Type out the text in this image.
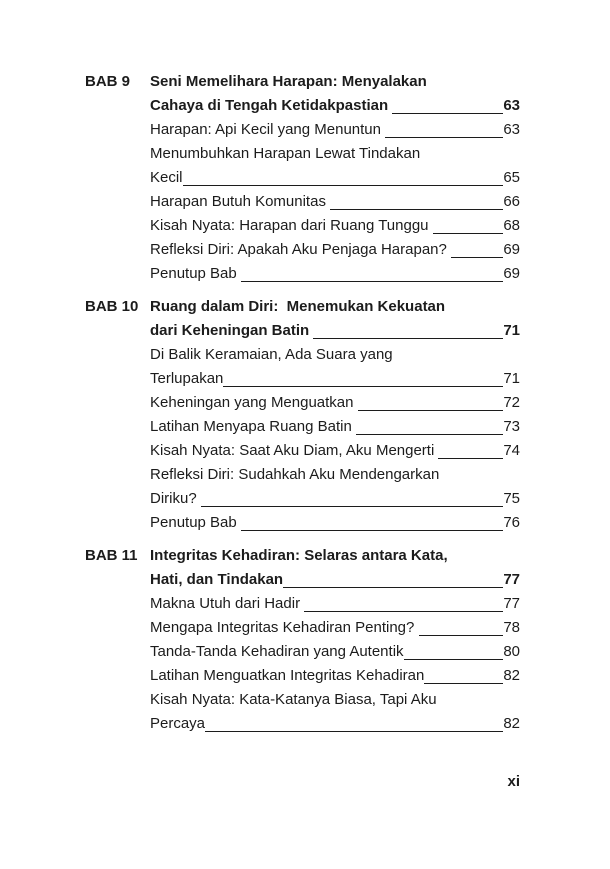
BAB 9	Seni Memelihara Harapan: Menyalakan
Cahaya di Tengah Ketidakpastian	63
Harapan: Api Kecil yang Menuntun	63
Menumbuhkan Harapan Lewat Tindakan
Kecil	65
Harapan Butuh Komunitas	66
Kisah Nyata: Harapan dari Ruang Tunggu	68
Refleksi Diri: Apakah Aku Penjaga Harapan?	69
Penutup Bab	69
BAB 10 Ruang dalam Diri:  Menemukan Kekuatan
dari Keheningan Batin	71
Di Balik Keramaian, Ada Suara yang
Terlupakan	71
Keheningan yang Menguatkan	72
Latihan Menyapa Ruang Batin	73
Kisah Nyata: Saat Aku Diam, Aku Mengerti	74
Refleksi Diri: Sudahkah Aku Mendengarkan
Diriku?	75
Penutup Bab	76
BAB 11 Integritas Kehadiran: Selaras antara Kata,
Hati, dan Tindakan	77
Makna Utuh dari Hadir	77
Mengapa Integritas Kehadiran Penting?	78
Tanda-Tanda Kehadiran yang Autentik	80
Latihan Menguatkan Integritas Kehadiran	82
Kisah Nyata: Kata-Katanya Biasa, Tapi Aku
Percaya	82
xi
